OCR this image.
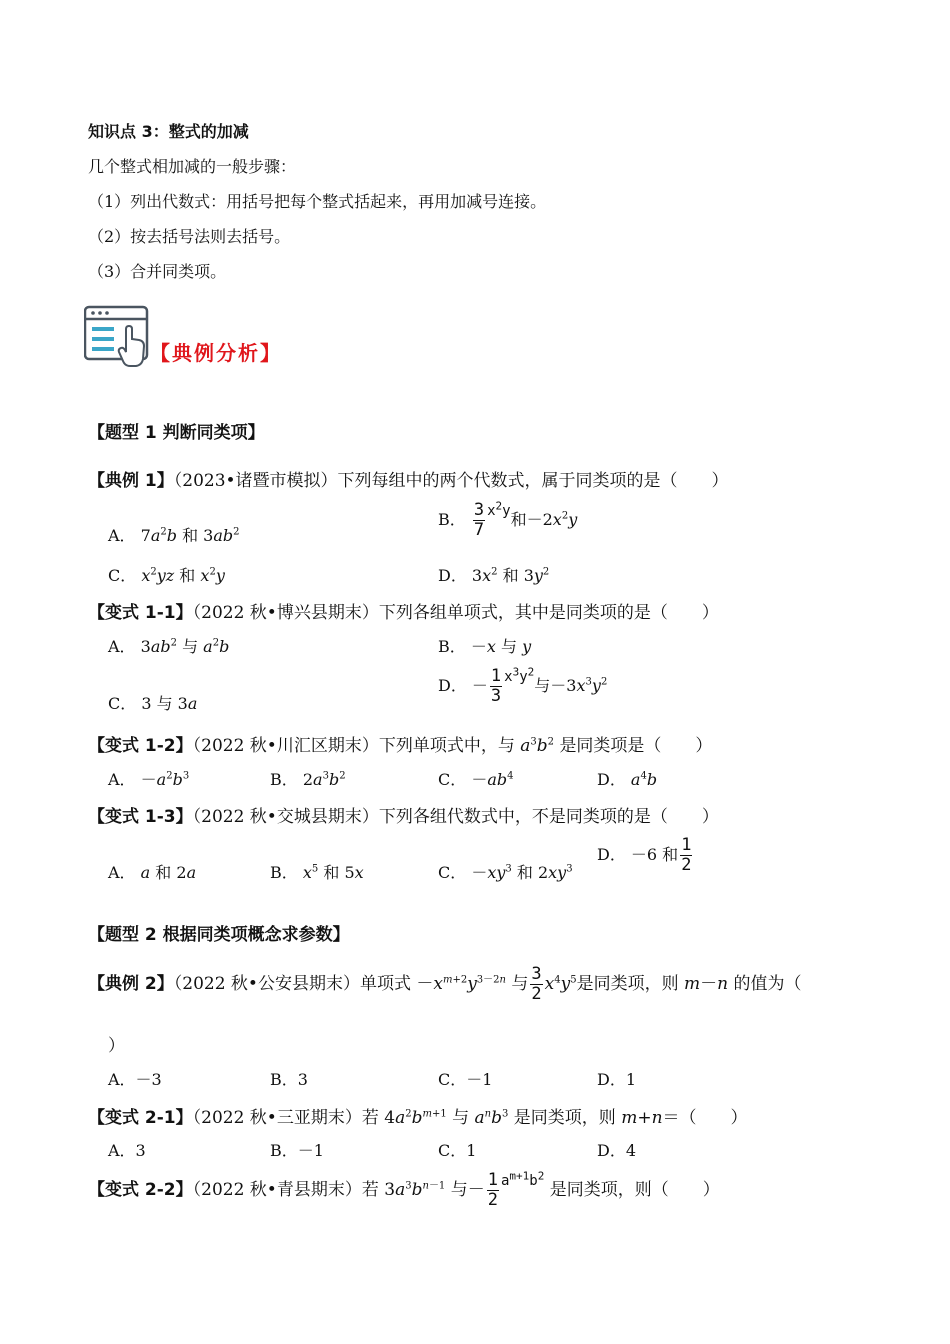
知识点 3：整式的加减
几个整式相加减的一般步骤：
（1）列出代数式：用括号把每个整式括起来，再用加减号连接。
（2）按去括号法则去括号。
（3）合并同类项。
【典例分析】
【题型 1 判断同类项】
【典例 1】（2023•诸暨市模拟）下列每组中的两个代数式，属于同类项的是（　　）
A． $7a^2b$ 和 $3ab^2$
B． $\frac{3}{7} x^2y$和$-2x^2y$
C． $x^2yz$ 和 $x^2y$	D． $3x^2$ 和 $3y^2$
【变式 1-1】（2022 秋•博兴县期末）下列各组单项式，其中是同类项的是（　　）
A． $3ab^2$ 与 $a^2b$	B． －x 与 y
C． 3 与 3a
D． － $\frac{1}{3} x^3y^2$与$-3x^3y^2$
【变式 1-2】（2022 秋•川汇区期末）下列单项式中，与 $a^3b^2$ 是同类项是（　　）
A． $-a^2b^3$	B． $2a^3b^2$	C． $-ab^4$	D． $a^4b$
【变式 1-3】（2022 秋•交城县期末）下列各组代数式中，不是同类项的是（　　）
A． a 和 2a	B． $x^5$ 和 5x	C． $-xy^3$ 和 $2xy^3$
D． －6 和 $\frac{1}{2}$
【题型 2 根据同类项概念求参数】
【典例 2】（2022 秋•公安县期末）单项式 $-x^{m+2}y^{3-2n}$ 与 $\frac{3}{2} x^4y^5$是同类项，则 m－n 的值为（
）
A．－3	B．3	C．－1	D．1
【变式 2-1】（2022 秋•三亚期末）若 $4a^2b^{m+1}$ 与 $a^nb^3$ 是同类项，则 m+n＝（　　）
A．3	B．－1	C．1	D．4
【变式 2-2】（2022 秋•青县期末）若 $3a^3b^{n-1}$ 与－ $\frac{1}{2} ^{a^{m+1}b^2}$ 是同类项，则（　　）
